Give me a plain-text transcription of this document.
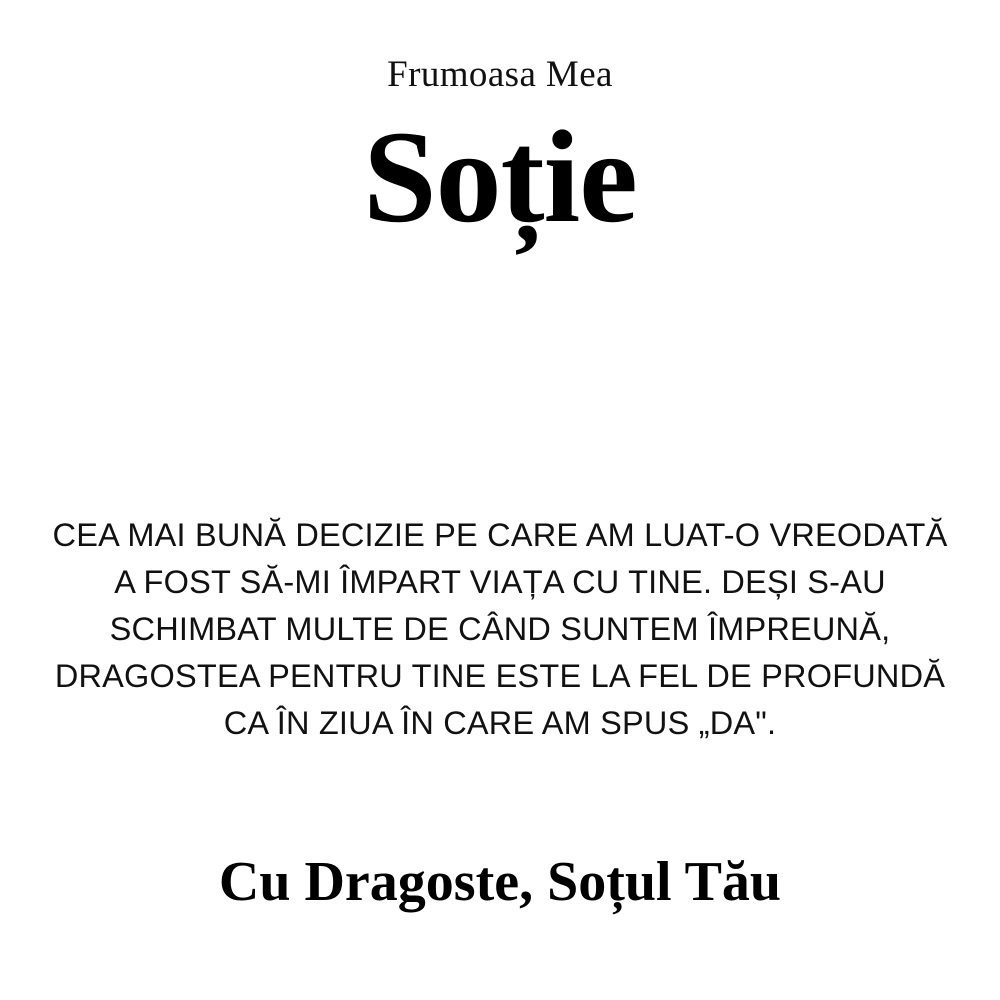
Frumoasa Mea
Soție
CEA MAI BUNĂ DECIZIE PE CARE AM LUAT-O VREODATĂ A FOST SĂ-MI ÎMPART VIAȚA CU TINE. DEȘI S-AU SCHIMBAT MULTE DE CÂND SUNTEM ÎMPREUNĂ, DRAGOSTEA PENTRU TINE ESTE LA FEL DE PROFUNDĂ CA ÎN ZIUA ÎN CARE AM SPUS „DA".
Cu Dragoste, Soțul Tău
